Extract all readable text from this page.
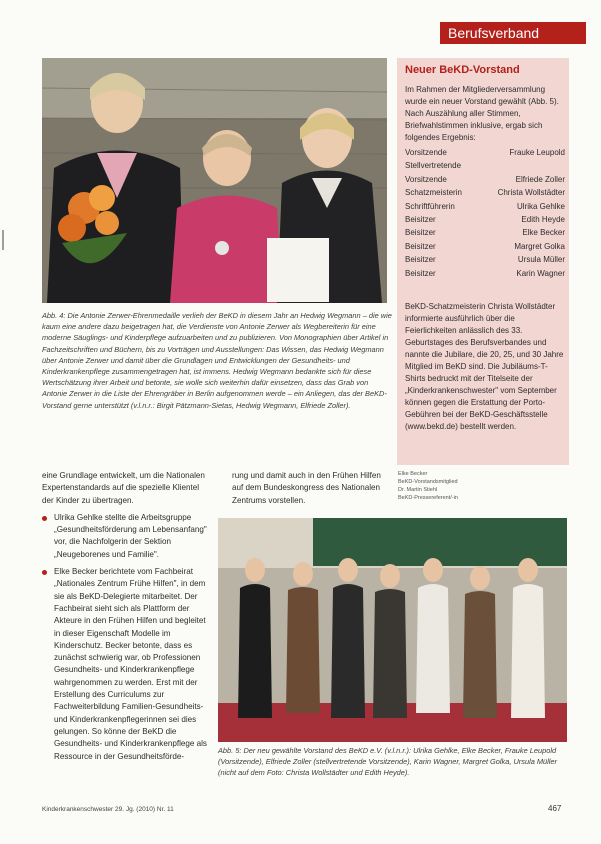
Berufsverband
Neuer BeKD-Vorstand
Im Rahmen der Mitgliederversammlung wurde ein neuer Vorstand gewählt (Abb. 5). Nach Auszählung aller Stimmen, Briefwahlstimmen inklusive, ergab sich folgendes Ergebnis:
Vorsitzende	Frauke Leupold
Stellvertretende
Vorsitzende	Elfriede Zoller
Schatzmeisterin	Christa Wollstädter
Schriftführerin	Ulrika Gehlke
Beisitzer	Edith Heyde
Beisitzer	Elke Becker
Beisitzer	Margret Golka
Beisitzer	Ursula Müller
Beisitzer	Karin Wagner
BeKD-Schatzmeisterin Christa Wollstädter informierte ausführlich über die Feierlichkeiten anlässlich des 33. Geburtstages des Berufsverbandes und nannte die Jubilare, die 20, 25, und 30 Jahre Mitglied im BeKD sind. Die Jubiläums-T-Shirts bedruckt mit der Titelseite der „Kinderkrankenschwester" vom September können gegen die Erstattung der Porto-Gebühren bei der BeKD-Geschäftsstelle (www.bekd.de) bestellt werden.
Abb. 4: Die Antonie Zerwer-Ehrenmedaille verlieh der BeKD in diesem Jahr an Hedwig Wegmann – die wie kaum eine andere dazu beigetragen hat, die Verdienste von Antonie Zerwer als Wegbereiterin für eine moderne Säuglings- und Kinderpflege aufzuarbeiten und zu publizieren. Von Monographien über Artikel in Fachzeitschriften und Büchern, bis zu Vorträgen und Ausstellungen: Das Wissen, das Hedwig Wegmann über Antonie Zerwer und damit über die Grundlagen und Entwicklungen der Gesundheits- und Kinderkrankenpflege zusammengetragen hat, ist immens. Hedwig Wegmann bedankte sich für diese Wertschätzung ihrer Arbeit und betonte, sie wolle sich weiterhin dafür einsetzen, dass das Grab von Antonie Zerwer in die Liste der Ehrengräber in Berlin aufgenommen werde – ein Anliegen, das der BeKD-Vorstand gerne unterstützt (v.l.n.r.: Birgit Pätzmann-Sietas, Hedwig Wegmann, Elfriede Zoller).

eine Grundlage entwickelt, um die Nationalen Expertenstandards auf die spezielle Klientel der Kinder zu übertragen.

Ulrika Gehlke stellte die Arbeitsgruppe „Gesundheitsförderung am Lebensanfang" vor, die Nachfolgerin der Sektion „Neugeborenes und Familie".

Elke Becker berichtete vom Fachbeirat „Nationales Zentrum Frühe Hilfen", in dem sie als BeKD-Delegierte mitarbeitet. Der Fachbeirat sieht sich als Plattform der Akteure in den Frühen Hilfen und begleitet in dieser Eigenschaft Modelle im Kinderschutz. Becker betonte, dass es zunächst schwierig war, ob Professionen Gesundheits- und Kinderkrankenpflege wahrgenommen zu werden. Erst mit der Erstellung des Curriculums zur Fachweiterbildung Familien-Gesundheits- und Kinderkrankenpflegerinnen sei dies gelungen. So könne der BeKD die Gesundheits- und Kinderkrankenpflege als Ressource in der Gesundheitsförde-

rung und damit auch in den Frühen Hilfen auf dem Bundeskongress des Nationalen Zentrums vorstellen.
Elke Becker
BeKD-Vorstandsmitglied
Dr. Martin Stiehl
BeKD-Pressereferent/-in
Abb. 5: Der neu gewählte Vorstand des BeKD e.V. (v.l.n.r.): Ulrika Gehlke, Elke Becker, Frauke Leupold (Vorsitzende), Elfriede Zoller (stellvertretende Vorsitzende), Karin Wagner, Margret Golka, Ursula Müller (nicht auf dem Foto: Christa Wollstädter und Edith Heyde).
Kinderkrankenschwester 29. Jg. (2010) Nr. 11	467
